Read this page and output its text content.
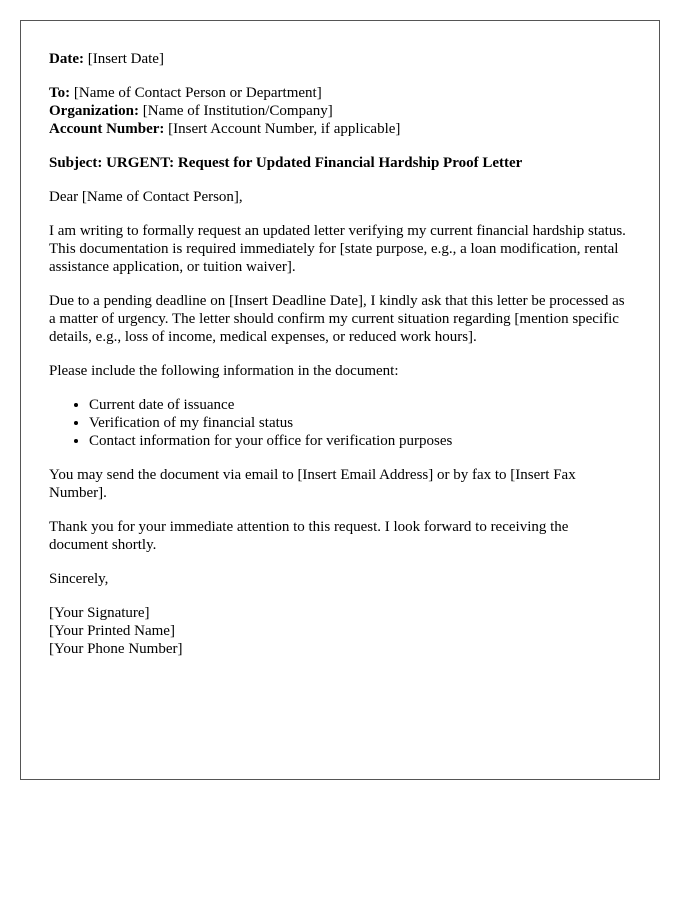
Date: [Insert Date]

To: [Name of Contact Person or Department]

Organization: [Name of Institution/Company]

Account Number: [Insert Account Number, if applicable]

Subject: URGENT: Request for Updated Financial Hardship Proof Letter

Dear [Name of Contact Person],

I am writing to formally request an updated letter verifying my current financial hardship status. This documentation is required immediately for [state purpose, e.g., a loan modification, rental assistance application, or tuition waiver].

Due to a pending deadline on [Insert Deadline Date], I kindly ask that this letter be processed as a matter of urgency. The letter should confirm my current situation regarding [mention specific details, e.g., loss of income, medical expenses, or reduced work hours].

Please include the following information in the document:

• Current date of issuance
• Verification of my financial status
• Contact information for your office for verification purposes

You may send the document via email to [Insert Email Address] or by fax to [Insert Fax Number].

Thank you for your immediate attention to this request. I look forward to receiving the document shortly.

Sincerely,

[Your Signature]

[Your Printed Name]

[Your Phone Number]
